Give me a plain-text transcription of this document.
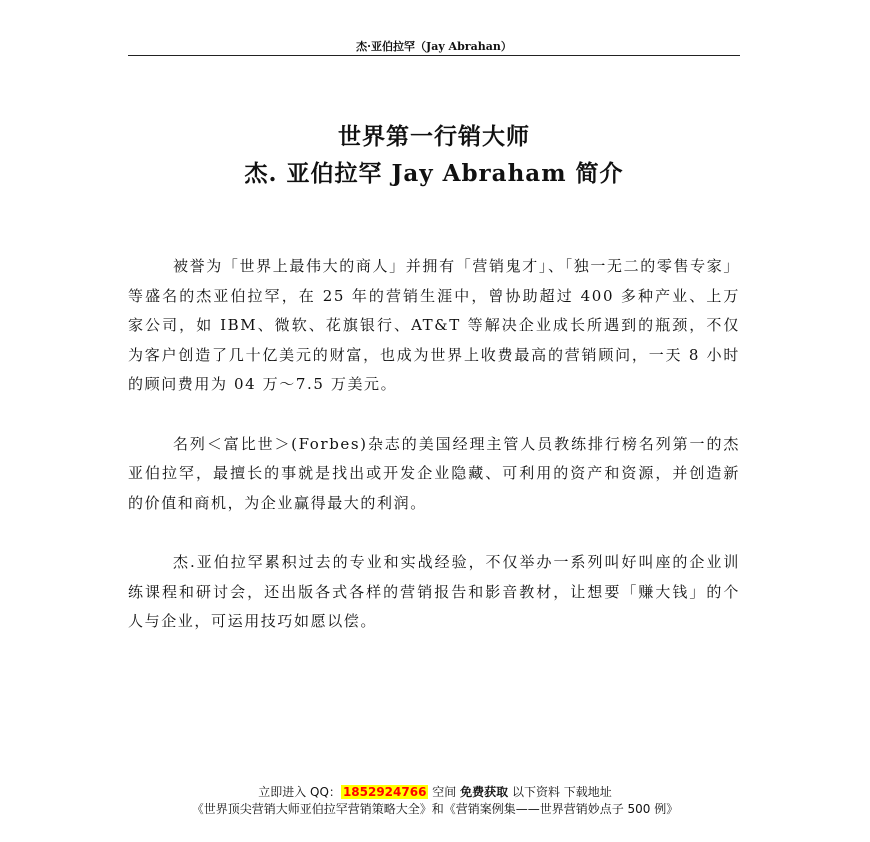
杰·亚伯拉罕（Jay Abrahan）
世界第一行销大师
杰. 亚伯拉罕 Jay Abraham 简介

被誉为「世界上最伟大的商人」并拥有「营销鬼才」、「独一无二的零售专家」等盛名的杰亚伯拉罕，在 25 年的营销生涯中，曾协助超过 400 多种产业、上万家公司，如 IBM、微软、花旗银行、AT&T 等解决企业成长所遇到的瓶颈，不仅为客户创造了几十亿美元的财富，也成为世界上收费最高的营销顾问，一天 8 小时的顾问费用为 04 万～7.5 万美元。

名列＜富比世＞(Forbes)杂志的美国经理主管人员教练排行榜名列第一的杰亚伯拉罕，最擅长的事就是找出或开发企业隐藏、可利用的资产和资源，并创造新的价值和商机，为企业赢得最大的利润。

杰.亚伯拉罕累积过去的专业和实战经验，不仅举办一系列叫好叫座的企业训练课程和研讨会，还出版各式各样的营销报告和影音教材，让想要「赚大钱」的个人与企业，可运用技巧如愿以偿。

立即进入 QQ： 1852924766 空间 免费获取 以下资料 下载地址
《世界顶尖营销大师亚伯拉罕营销策略大全》和《营销案例集——世界营销妙点子 500 例》
